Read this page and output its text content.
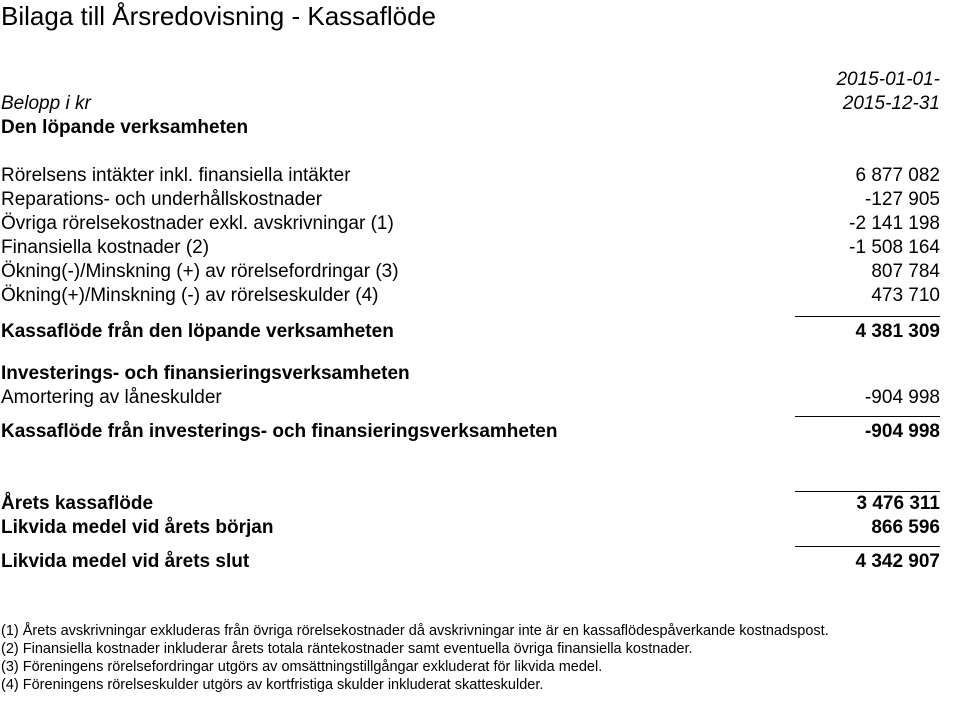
Bilaga till Årsredovisning - Kassaflöde
Belopp i kr
2015-01-01-
2015-12-31
Den löpande verksamheten
Rörelsens intäkter inkl. finansiella intäkter	6 877 082
Reparations- och underhållskostnader	-127 905
Övriga rörelsekostnader exkl. avskrivningar (1)	-2 141 198
Finansiella kostnader (2)	-1 508 164
Ökning(-)/Minskning (+) av rörelsefordringar (3)	807 784
Ökning(+)/Minskning (-) av rörelseskulder (4)	473 710
Kassaflöde från den löpande verksamheten	4 381 309
Investerings- och finansieringsverksamheten
Amortering av låneskulder	-904 998
Kassaflöde från investerings- och finansieringsverksamheten	-904 998
Årets kassaflöde	3 476 311
Likvida medel vid årets början	866 596
Likvida medel vid årets slut	4 342 907
(1) Årets avskrivningar exkluderas från övriga rörelsekostnader då avskrivningar inte är en kassaflödespåverkande kostnadspost.
(2) Finansiella kostnader inkluderar årets totala räntekostnader samt eventuella övriga finansiella kostnader.
(3) Föreningens rörelsefordringar utgörs av omsättningstillgångar exkluderat för likvida medel.
(4) Föreningens rörelseskulder utgörs av kortfristiga skulder inkluderat skatteskulder.
